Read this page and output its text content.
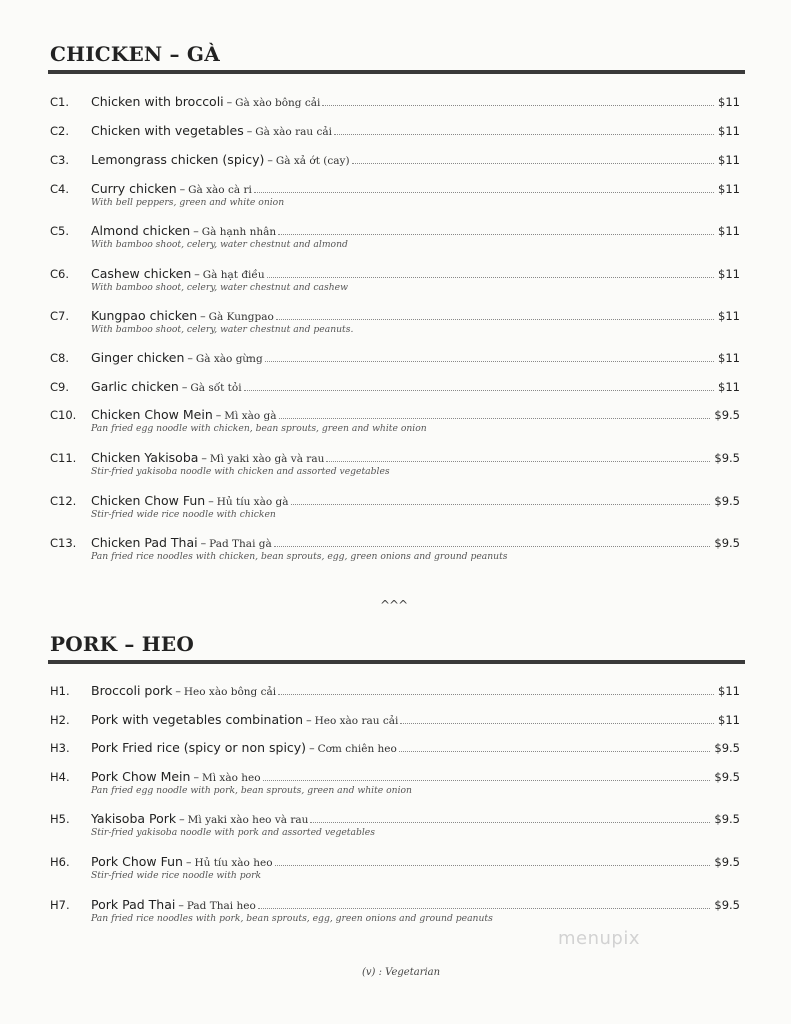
CHICKEN – GÀ
C1.	Chicken with broccoli – Gà xào bông cải	$11
C2.	Chicken with vegetables – Gà xào rau cải	$11
C3.	Lemongrass chicken (spicy) – Gà xả ớt (cay)	$11
C4.	Curry chicken – Gà xào cà ri	$11
With bell peppers, green and white onion
C5.	Almond chicken – Gà hạnh nhân	$11
With bamboo shoot, celery, water chestnut and almond
C6.	Cashew chicken – Gà hạt điều	$11
With bamboo shoot, celery, water chestnut and cashew
C7.	Kungpao chicken – Gà Kungpao	$11
With bamboo shoot, celery, water chestnut and peanuts.
C8.	Ginger chicken – Gà xào gừng	$11
C9.	Garlic chicken – Gà sốt tỏi	$11
C10.	Chicken Chow Mein – Mì xào gà	$9.5
Pan fried egg noodle with chicken, bean sprouts, green and white onion
C11.	Chicken Yakisoba – Mì yaki xào gà và rau	$9.5
Stir-fried yakisoba noodle with chicken and assorted vegetables
C12.	Chicken Chow Fun – Hủ tíu xào gà	$9.5
Stir-fried wide rice noodle with chicken
C13.	Chicken Pad Thai – Pad Thai gà	$9.5
Pan fried rice noodles with chicken, bean sprouts, egg, green onions and ground peanuts
^^^
PORK – HEO
H1.	Broccoli pork – Heo xào bông cải	$11
H2.	Pork with vegetables combination – Heo xào rau cải	$11
H3.	Pork Fried rice (spicy or non spicy) – Cơm chiên heo	$9.5
H4.	Pork Chow Mein – Mì xào heo	$9.5
Pan fried egg noodle with pork, bean sprouts, green and white onion
H5.	Yakisoba Pork – Mì yaki xào heo và rau	$9.5
Stir-fried yakisoba noodle with pork and assorted vegetables
H6.	Pork Chow Fun – Hủ tíu xào heo	$9.5
Stir-fried wide rice noodle with pork
H7.	Pork Pad Thai – Pad Thai heo	$9.5
Pan fried rice noodles with pork, bean sprouts, egg, green onions and ground peanuts
(v) : Vegetarian
menupix
